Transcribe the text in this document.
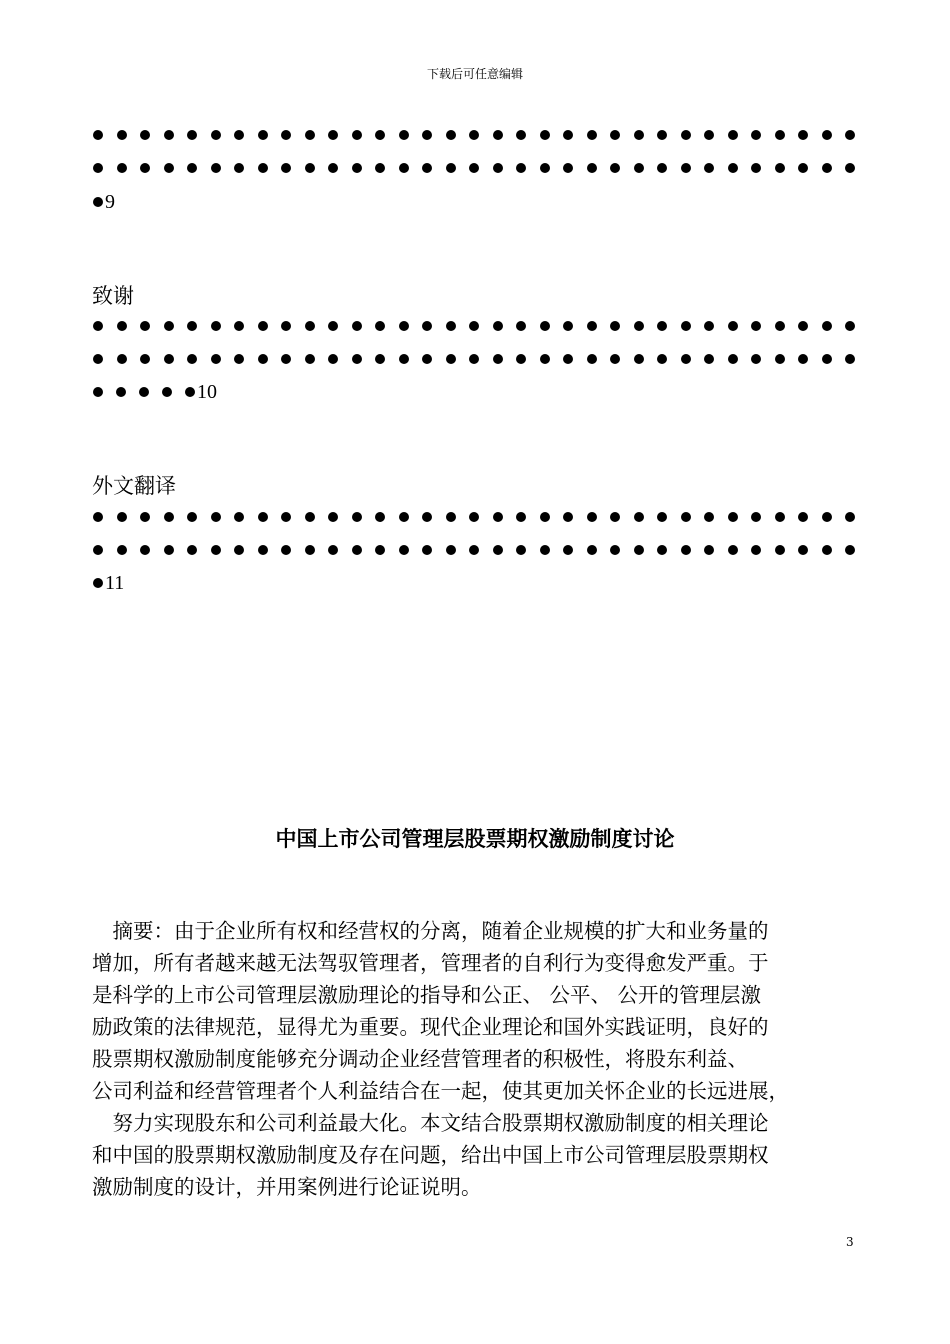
下载后可任意编辑
9
致谢
10
外文翻译
11
中国上市公司管理层股票期权激励制度讨论

　摘要：由于企业所有权和经营权的分离，随着企业规模的扩大和业务量的
增加，所有者越来越无法驾驭管理者，管理者的自利行为变得愈发严重。于
是科学的上市公司管理层激励理论的指导和公正、 公平、 公开的管理层激
励政策的法律规范，显得尤为重要。现代企业理论和国外实践证明，良好的
股票期权激励制度能够充分调动企业经营管理者的积极性，将股东利益、
公司利益和经营管理者个人利益结合在一起，使其更加关怀企业的长远进展，
　努力实现股东和公司利益最大化。本文结合股票期权激励制度的相关理论
和中国的股票期权激励制度及存在问题，给出中国上市公司管理层股票期权
激励制度的设计，并用案例进行论证说明。

3
